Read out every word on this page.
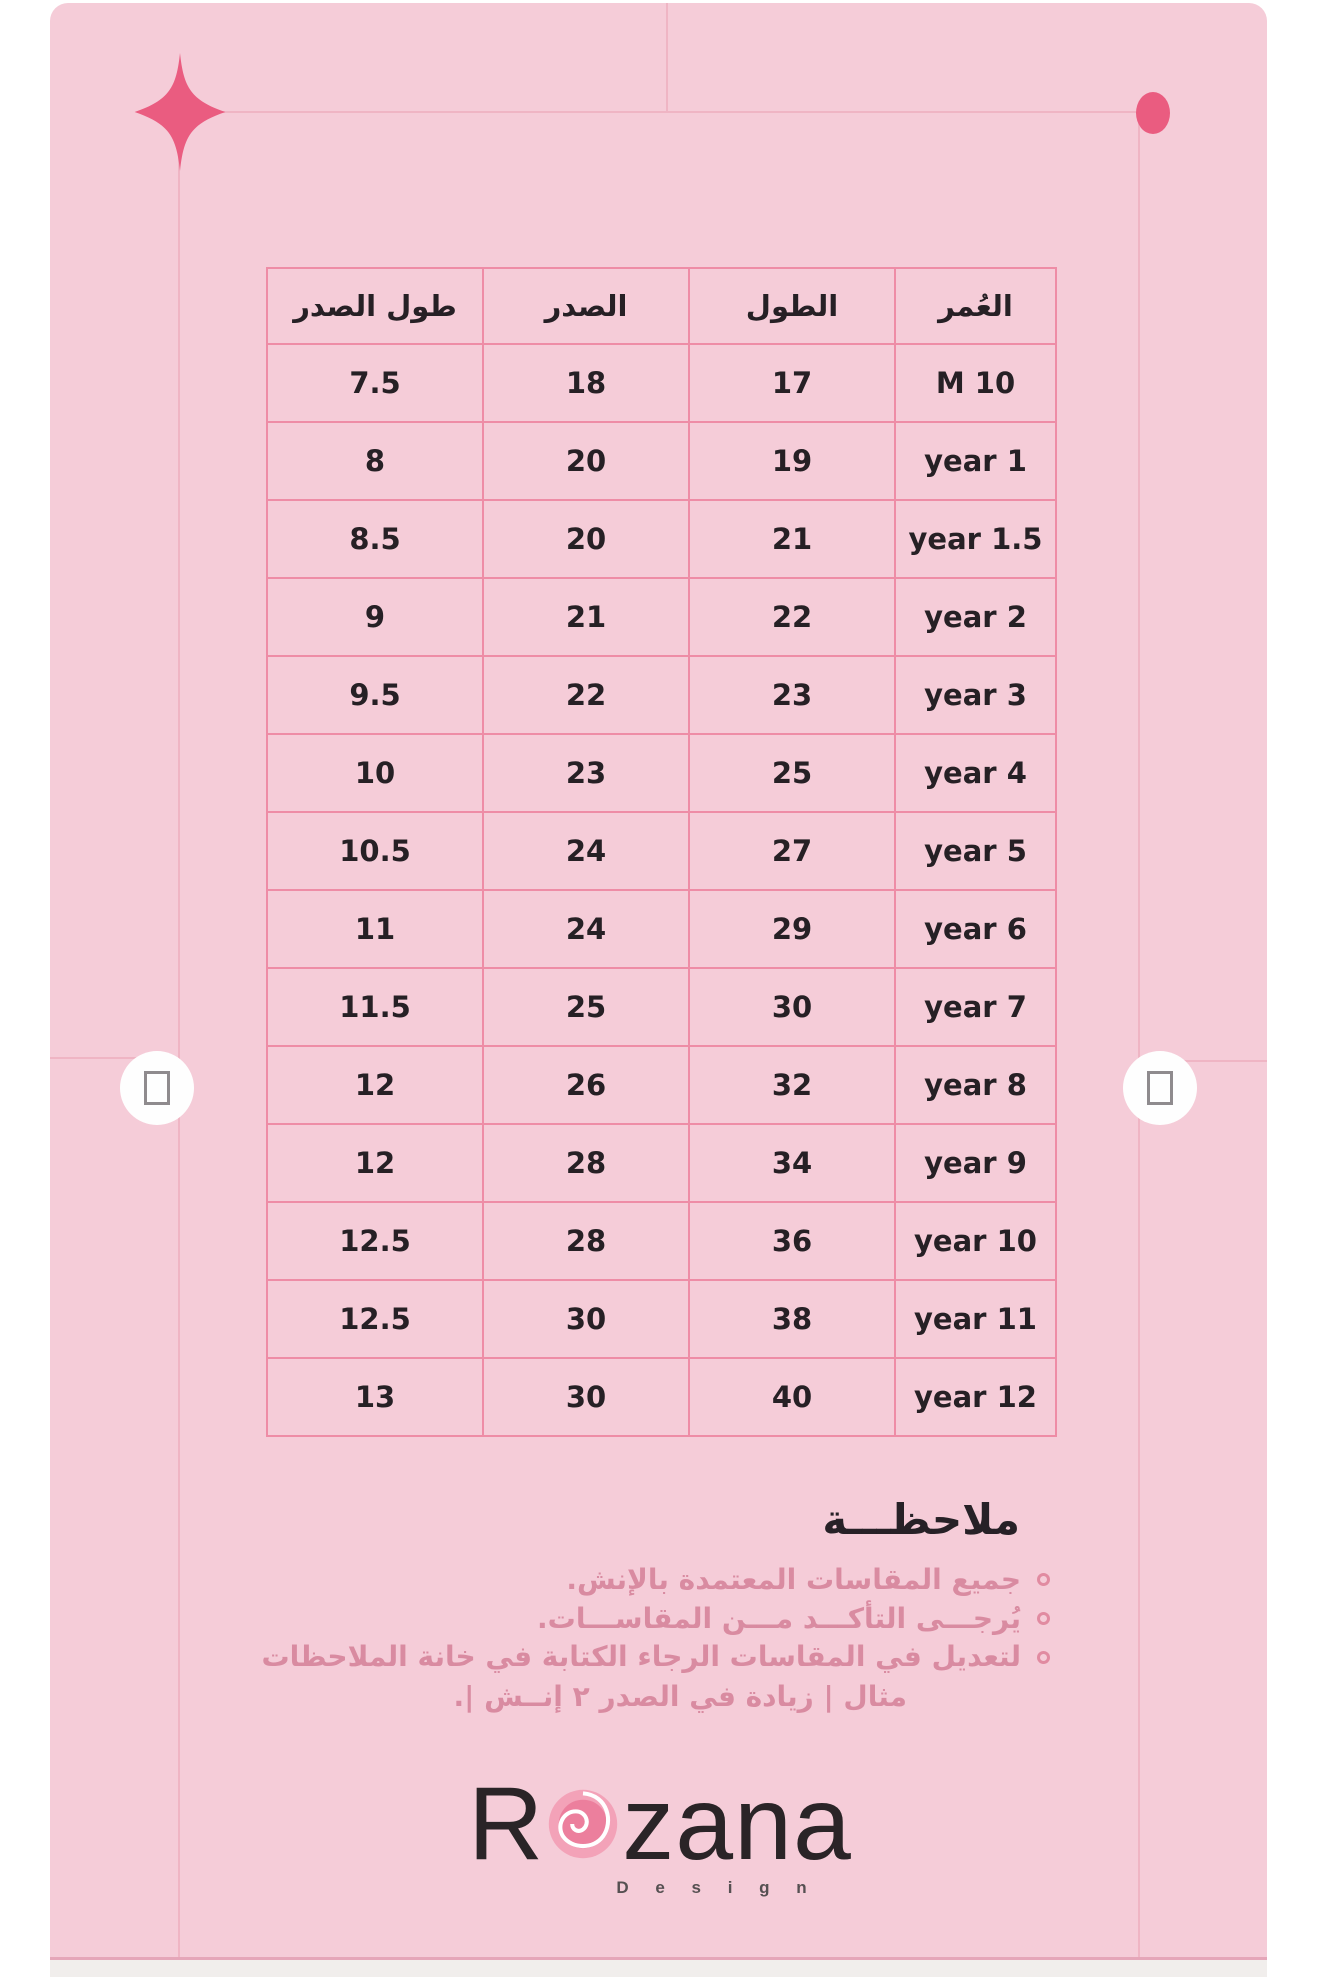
العُمر	الطول	الصدر	طول الصدر
10 M	17	18	7.5
1 year	19	20	8
1.5 year	21	20	8.5
2 year	22	21	9
3 year	23	22	9.5
4 year	25	23	10
5 year	27	24	10.5
6 year	29	24	11
7 year	30	25	11.5
8 year	32	26	12
9 year	34	28	12
10 year	36	28	12.5
11 year	38	30	12.5
12 year	40	30	13
ملاحظـــة
جميع المقاسات المعتمدة بالإنش.
يُرجـــى التأكـــد مـــن المقاســـات.
لتعديل في المقاسات الرجاء الكتابة في خانة الملاحظات
مثال | زيادة في الصدر ٢ إنــش |.
R zana
D e s i g n
